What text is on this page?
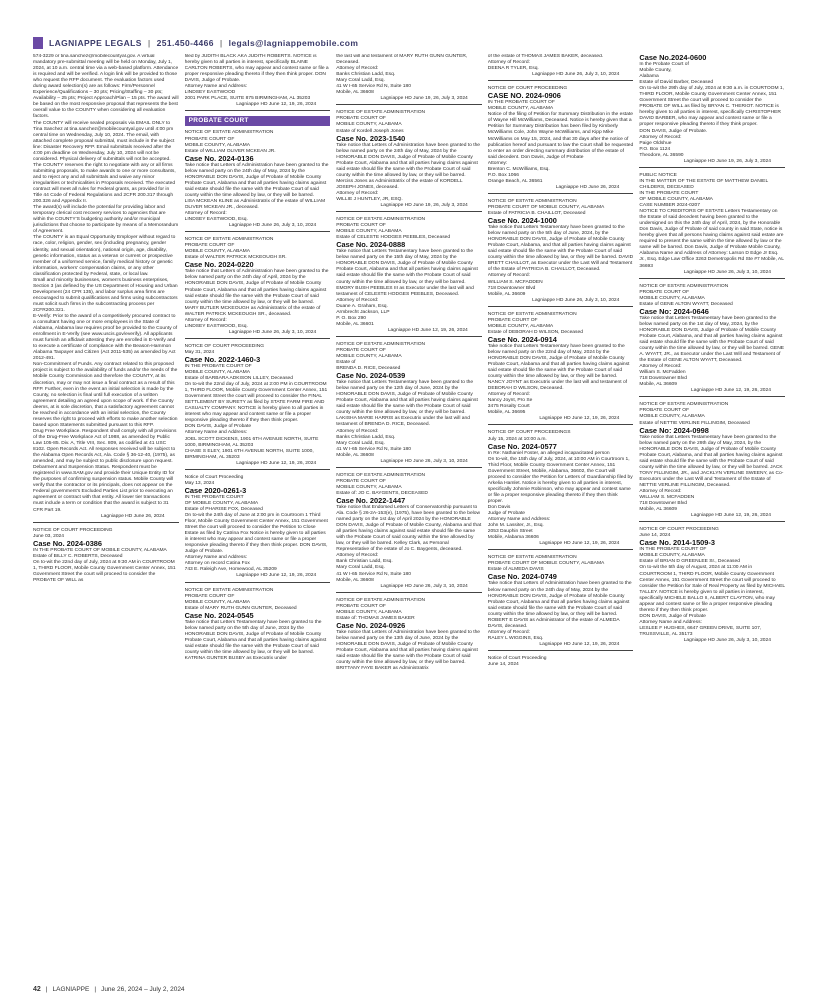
LAGNIAPPE LEGALS | 251.450-4466 | legals@lagniappemobile.com

574-3229 or tina.sanchez@mobilecountyal.gov. A virtual mandatory pre-submittal meeting will be held on Monday, July 1, 2024, at 10 a.m. central time via a web-based platform. Attendance is required and will be verified. A login link will be provided to those who request the RFP document. The evaluation factors used during award selection(s) are as follows: Firm/Personnel Experience/Qualifications – 30 pts; Pricing/Staffing – 30 pts; Availability – 25 pts; Project Approach/Plan – 15 pts. The award will be based on the most responsive proposal that represents the best overall value to the COUNTY when considering all evaluation factors.

The COUNTY will receive sealed proposals via EMAIL ONLY to Tina Sanchez at tina.sanchez@mobilecountyal.gov until 4:00 pm central time on Wednesday, July 10, 2024. The email, with attached complete proposal submittal, must include in the subject line: Disaster Recovery RFP. Email submittals received after the 4:00 pm deadline on Wednesday, July 10, 2024 will not be considered. Physical delivery of submittals will not be accepted.

The COUNTY reserves the right to negotiate with any or all firms submitting proposals, to make awards to one or more consultants, and to reject any and all submittals and waive any minor irregularities or technicalities in Proposals received. The executed contract will meet all rules for Federal grants, as provided for in Title 44 Code of Federal Regulations and 2CFR 200.317 through 200.326 and Appendix II.

The award(s) will include the potential for providing labor and temporary clerical cost recovery services to agencies that are within the COUNTY'S budgeting authority and/or municipal jurisdictions that choose to participate by means of a Memorandum of Agreement.

The COUNTY is an Equal Opportunity Employer without regard to race, color, religion, gender, sex (including pregnancy, gender identity, and sexual orientation), national origin, age, disability, genetic information, status as a veteran or current or prospective member of a uniformed service, family medical history or genetic information, workers' compensation claims, or any other classification protected by Federal, state, or local law.

Small and minority businesses, women's business enterprises, Section 3 (as defined by the US Department of Housing and Urban Development (24 CFR 135), and labor surplus area firms are encouraged to submit qualifications and firms using subcontractors must solicit such firms in the subcontracting process per 2CFR200.321.

E-Verify: Prior to the award of a competitively procured contract to a consultant having one or more employees in the State of Alabama, Alabama law requires proof be provided to the County of enrollment in E-Verify (see www.uscis.gov/everify). All applicants must furnish an affidavit attesting they are enrolled in E-Verify and to execute a certificate of compliance with the Beason-Hammon Alabama Taxpayer and Citizen (Act 2011-535) as amended by Act 2012-491.

Non-Commitment of Funds. Any contract related to this proposed project is subject to the availability of funds and/or the needs of the Mobile County Commission and therefore the COUNTY, at its discretion, may or may not issue a final contract as a result of this RFP. Further, even in the event an initial selection is made by the County, no selection is final until full execution of a written agreement detailing an agreed upon scope of work. If the County deems, at is sole discretion, that a satisfactory agreement cannot be reached in accordance with an initial selection, the County reserves the right to proceed with efforts to make another selection based upon Statements submitted pursuant to this RFP.

Drug Free Workplace. Respondent shall comply with all provisions of the Drug-Free Workplace Act of 1988, as amended by Public Law 105-85. Div. A, Title VIII, Sec. 809, as codified at 41 USC 8102. Open Records Act. All responses received will be subject to the Alabama Open Records Act, Ala. Code § 36-12-40, (1975), as amended, and may be subject to public disclosure upon request.

Debarment and Suspension Status. Respondent must be registered in www.SAM.gov and provide their Unique Entity ID for the purposes of confirming suspension status. Mobile County will verify that the contractor or its principals, does not appear on the Federal government's Excluded Parties List prior to executing an agreement or contract with that entity. All lower tier transactions must include a term or condition that the award is subject to 31 CFR Part 19.

Lagniappe HD June 26, 2024

NOTICE OF COURT PROCEEDING

June 03, 2024

Case No. 2024-0386

IN THE PROBATE COURT OF MOBILE COUNTY, ALABAMA

Estate of BILLY C. ROBERTS, Deceased

On to-wit the 22nd day of July, 2024 at 9:30 AM in COURTROOM 1, THIRD FLOOR, Mobile County Government Center Annex, 151 Government Street the court will proceed to consider the PROBATE OF WILL as

filed by JUDITH BLACK AKA JUDITH ROBERTS. NOTICE is hereby given to all parties in interest, specifically BLAINE CARLTON ROBERTS, who may appear and contest same or file a proper responsive pleading thereto if they then think proper. DON DAVIS, Judge of Probate.

Attorney Name and Address:

LINDSEY EASTWOOD

2001 PARK PLACE, SUITE 875 BIRMINGHAM, AL 35203

Lagniappe HD June 12, 19, 26, 2024

PROBATE COURT

NOTICE OF ESTATE ADMINISTRATION

PROBATE COURT OF

MOBILE COUNTY, ALABAMA

Estate of WILLIAM OLIVER MCKEAN JR.

Case No. 2024-0136

Take notice that Letters of Administration have been granted to the below named party on the 24th day of May, 2024 by the HONORABLE DON DAVIS, Judge of Probate of Mobile County Probate Court, Alabama and that all parties having claims against said estate should file the same with the Probate Court of said county within the time allowed by law, or they will be barred.

LISA MCKEAN KLINE as Administratrix of the estate of WILLIAM OLIVER MCKEAN JR., deceased.

Attorney of Record:

LINDSEY EASTWOOD, Esq.

Lagniappe HD June 26, July 3, 10, 2024

NOTICE OF ESTATE ADMINISTRATION

PROBATE COURT OF

MOBILE COUNTY, ALABAMA

Estate of WALTER PATRICK MCKEOUGH SR.

Case No. 2024-0220

Take notice that Letters of Administration have been granted to the below named party on the 24th day of April, 2024 by the HONORABLE DON DAVIS, Judge of Probate of Mobile County Probate Court, Alabama and that all parties having claims against said estate should file the same with the Probate Court of said county within the time allowed by law, or they will be barred.

MARY BUTLER MCKEOUGH as Administratrix of the estate of WALTER PATRICK MCKEOUGH SR., deceased.

Attorney of Record:

LINDSEY EASTWOOD, Esq.

Lagniappe HD June 26, July 3, 10, 2024

NOTICE OF COURT PROCEEDING

May 31, 2024

Case No. 2022-1460-3

IN THE PROBATE COURT OF

MOBILE COUNTY, ALABAMA

Estate of BARBARA ADKISON LILLEY, Deceased

On to-wit the 22nd day of July, 2024 at 2:00 PM in COURTROOM 1, THIRD FLOOR, Mobile County Government Center Annex, 151 Government Street the court will proceed to consider the FINAL SETTLEMENT BY SURETY as filed by STATE FARM FIRE AND CASUALTY COMPANY. NOTICE is hereby given to all parties in interest who may appear and contest same or file a proper responsive pleading thereto if they then think proper.

DON DAVIS, Judge of Probate

Attorney Name and Address:

JOEL SCOTT DICKENS, 1901 6TH AVENUE NORTH, SUITE 1000, BIRMINGHAM, AL 35203

CHASE S ELEY, 1901 6TH AVENUE NORTH, SUITE 1000, BIRMINGHAM, AL 35203

Lagniappe HD June 12, 19, 26, 2024

Notice of Court Proceeding

May 13, 2024

Case 2020-0261-3

IN THE PROBATE COURT

OF MOBILE COUNTY, ALABAMA

Estate of PHARISE FOX, Deceased

On to-wit the 24th day of June at 2:00 pm in Courtroom 1 Third Floor, Mobile County Government Center Annex, 151 Government Street the court will proceed to consider the Petition to Close Estate as filed by Catrina Fox Notice is hereby given to all parties in interest who may appear and contest same or file a proper responsive pleading thereto if they then think proper. DON DAVIS, Judge of Probate.

Attorney Name and Address:

Attorney on record Catina Fox

743 E. Raleigh Ave, Homewood, AL 35209

Lagniappe HD June 12, 19, 26, 2024

NOTICE OF ESTATE ADMINISTRATION

PROBATE COURT OF

MOBILE COUNTY, ALABAMA

Estate of MARY RUTH GUNN GUNTER, Deceased

Case No. 2024-0545

Take notice that Letters Testamentary have been granted to the below named party on the 5th day of June, 2024 by the HONORABLE DON DAVIS, Judge of Probate of Mobile County Probate Court, Alabama and that all parties having claims against said estate should file the same with the Probate Court of said county within the time allowed by law, or they will be barred. KATRINA GUNTER BUSBY as Executrix under

the last will and testament of MARY RUTH GUNN GUNTER, Deceased.

Attorney of Record:

Banks Christian Ladd, Esq.

Mary Coral Ladd, Esq.

41 W I-65 Service Rd N, Suite 180

Mobile, AL 36608

Lagniappe HD June 19, 26, July 3, 2024

NOTICE OF ESTATE ADMINISTRATION

PROBATE COURT OF

MOBILE COUNTY, ALABAMA

Estate of Kordell Joseph Jones

Case No. 2023-1540

Take notice that Letters of Administration have been granted to the below named party on the 24th day of May, 2024 by the HONORABLE DON DAVIS, Judge of Probate of Mobile County Probate Court, Alabama and that all parties having claims against said estate should file the same with the Probate Court of said county within the time allowed by law, or they will be barred. Merciss Jones as Administratrix of the estate of KORDELL JOSEPH JONES, deceased.

Attorney of Record:

WILLIE J HUNTLEY, JR, ESQ.

Lagniappe HD June 19, 26, July 3, 2024

NOTICE OF ESTATE ADMINISTRATION

PROBATE COURT OF

MOBILE COUNTY, ALABAMA

Estate of CELESTE HODGES PEEBLES, Deceased

Case No. 2024-0888

Take notice that Letters Testamentary have been granted to the below named party on the 15th day of May, 2024 by the HONORABLE DON DAVIS, Judge of Probate of Mobile County Probate Court, Alabama and that all parties having claims against said estate should file the same with the Probate Court of said county within the time allowed by law, or they will be barred. EMORY BUSH PEEBLES III as Executor under the last will and testament of CELESTE HODGES PEEBLES, Deceased.

Attorney of Record:

Duane A. Graham, Esq.

Armbrecht Jackson, LLP

P. O. Box 290

Mobile, AL 36601

Lagniappe HD June 12, 19, 26, 2024

NOTICE OF ESTATE ADMINISTRATION

PROBATE COURT OF

MOBILE COUNTY, ALABAMA

Estate of

BRENDA D. RICE, Deceased

Case No. 2024-0539

Take notice that Letters Testamentary have been granted to the below named party on the 12th day of June, 2024 by the HONORABLE DON DAVIS, Judge of Probate of Mobile County Probate Court, Alabama and that all parties having claims against said estate should file the same with the Probate Court of said county within the time allowed by law, or they will be barred. LAKISHA MARIE HARRIS as Executrix under the last will and testament of BRENDA D. RICE, Deceased.

Attorney of Record:

Banks Christian Ladd, Esq.

Mary Coral Ladd, Esq.

41 W I-65 Service Rd N, Suite 180

Mobile, AL 36608

Lagniappe HD June 26, July 3, 10, 2024

NOTICE OF ESTATE ADMINISTRATION

PROBATE COURT OF

MOBILE COUNTY, ALABAMA

Estate of: JO C. BAYGENTS, DECEASED

Case No. 2022-1447

Take notice that Endorsed Letters of Conservatorship pursuant to Ala. Code § 26-2A-153(e), (1975), have been granted to the below named party on the 1st day of April 2024 by the HONORABLE DON DAVIS, Judge of Probate of Mobile County, Alabama and that all parties having claims against said estate should file the same with the Probate Court of said county within the time allowed by law, or they will be barred. Kelley Clark, as Personal Representative of the estate of Jo C. Baygents, deceased.

Attorney of Record:

Bank Christian Ladd, Esq.

Mary Coral Ladd, Esq.

41 W I-65 Service Rd N, Suite 180

Mobile, AL 36608

Lagniappe HD June 26, July 3, 10, 2024

NOTICE OF ESTATE ADMINISTRATION

PROBATE COURT OF

MOBILE COUNTY, ALABAMA

Estate of: THOMAS JAMES BAKER

Case No. 2024-0926

Take notice that Letters of Administration have been granted to the below named party on the 13th day of June, 2024 by the HONORABLE DON DAVIS, Judge of Probate of Mobile County Probate Court, Alabama and that all parties having claims against said estate should file the same with the Probate Court of said county within the time allowed by law, or they will be barred. BRITTANY FAYE BAKER as Administratrix

of the estate of THOMAS JAMES BAKER, deceased.

Attorney of Record:

DEENA R TYLER, Esq.

Lagniappe HD June 26, July 3, 10, 2024

NOTICE OF COURT PROCEEDING

CASE NO. 2024-0906

IN THE PROBATE COURT OF

MOBILE COUNTY, ALABAMA

Notice of the filing of Petition for Summary Distribution in the estate of Wayne Hill McWilliams, Deceased. Notice is hereby given that a Petition for Summary Distribution has been filed by Kimberly McWilliams Cole, John Wayne McWilliams, and Kipp Mike McWilliams on May 15, 2024, and that 30 days after the notice of publication hereof and pursuant to law the Court shall be requested to enter an order directing summary distribution of the estate of said decedent. Don Davis, Judge of Probate

Attorney:

Brenton C. McWilliams, Esq.

P.O. Box 1066

Orange Beach, AL 36561

Lagniappe HD June 26, 2024

NOTICE OF ESTATE ADMINISTRATION

PROBATE COURT OF MOBILE COUNTY, ALABAMA

Estate of PATRICIA B. CHAILLOT, Deceased

Case No. 2024-1000

Take notice that Letters Testamentary have been granted to the below named party on the 5th day of June, 2024, by the HONORABLE DON DAVIS, Judge of Probate of Mobile County Probate Court, Alabama, and that all parties having claims against said estate should file the same with the Probate Court of said county within the time allowed by law, or they will be barred. DAVID BRETT CHAILLOT, as Executor under the Last Will and Testament of the Estate of PATRICIA B. CHAILLOT, Deceased.

Attorney of Record:

WILLIAM S. MCFADDEN

718 Downtowner Blvd

Mobile, AL 36609

Lagniappe HD June 26, July 3, 10, 2024

NOTICE OF ESTATE ADMINISTRATION

PROBATE COURT OF

MOBILE COUNTY, ALABAMA

Estate of DEBORAH D WILSON, Deceased

Case No. 2024-0914

Take notice that Letters Testamentary have been granted to the below named party on the 22nd day of May, 2024 by the HONORABLE DON DAVIS, Judge of Probate of Mobile County Probate Court, Alabama and that all parties having claims against said estate should file the same with the Probate Court of said county within the time allowed by law, or they will be barred. NANCY JOYNT as Executrix under the last will and testament of DEBORAH D WILSON, Deceased.

Attorney of Record:

Nancy Joynt, Pro Se

3475 Rosalty Court

Mobile, AL 36695

Lagniappe HD June 12, 19, 26, 2024

NOTICE OF COURT PROCEEDINGS

July 15, 2024 at 10:00 a.m.

Case No. 2024-0577

In Re: Nathaniel Foster, an alleged incapacitated person

On to-wit, the 15th day of July, 2024, at 10:00 AM in Courtroom 1, Third Floor, Mobile County Government Center Annex, 151 Government Street, Mobile, Alabama, 36602, the Court will proceed to consider the Petition for Letters of Guardianship filed by Arkelia Hamlet. Notice is hereby given to all parties in interest, specifically Johnnie Robinson, who may appear and contest same or file a proper responsive pleading thereto if they then think proper.

Don Davis

Judge of Probate

Attorney Name and Address:

John M. Lassiter, Jr., Esq.

2053 Dauphin Street

Mobile, Alabama 36606

Lagniappe HD June 12, 19, 26, 2024

NOTICE OF ESTATE ADMINISTRATION

PROBATE COURT OF MOBILE COUNTY, ALABAMA

Estate of ALMEDA DAVIS

Case No. 2024-0749

Take notice that Letters of Administration have been granted to the below named party on the 24th day of May, 2024 by the HONORABLE DON DAVIS, Judge of Probate of Mobile County Probate Court, Alabama and that all parties having claims against said estate should file the same with the Probate Court of said county within the time allowed by law, or they will be barred. ROBERT E DAVIS as Administrator of the estate of ALMEDA DAVIS, deceased.

Attorney of Record:

RALEY L WIGGINS, Esq.

Lagniappe HD June 12, 19, 26, 2024

Notice of Court Proceeding

June 14, 2024

Case No.2024-0600

In the Probate Court of

Mobile County,

Alabama

Estate of David Barber, Deceased

On to-wit the 29th day of July, 2024 at 9:30 a.m. in COURTOOM 1, THIRD FLOOR, Mobile County Government Center Annex, 151 Government Street the court will proceed to consider the PROBATE OF WILL as filed by BRYAN C. THERIOT. NOTICE is hereby given to all parties in interest, specifically CHRISTOPHER DAVID BARBER, who may appear and contest same or file a proper responsive pleading thereto if they think proper.

DON DAVIS, Judge of Probate.

Attorney of Record:

Paige Oldshue

P.O. Box 1124

Theodore, AL 36590

Lagniappe HD June 19, 26, July 3, 2024

PUBLIC NOTICE

IN THE MATTER OF THE ESTATE OF MATTHEW DANIEL CHILDERS, DECEASED

IN THE PROBATE COURT

OF MOBILE COUNTY, ALABAMA

CASE NUMBER 2024-0207

NOTICE TO CREDITORS OF ESTATE Letters Testamentary on the Estate of said decedent having been granted to the undersigned on this the 24th day of April, 2024, by the Honorable Don Davis, Judge of Probate of said county in said State, notice is hereby given that all persons having claims against said estate are required to present the same within the time allowed by law or the same will be barred. Don Davis, Judge of Probate Mobile County, Alabama Name and Address of Attorney: Larson D Edge Jr Esq. Jr., Esq. Edge Law Office 3263 Demetropolis Rd Ste #7 Mobile, AL 36693

Lagniappe HD June 26, July 3, 10, 2024

NOTICE OF ESTATE ADMINISTRATION

PROBATE COURT OF

MOBILE COUNTY, ALABAMA

Estate of GENE ALTON WYATT, Deceased

Case No: 2024-0646

Take notice that Letters Testamentary have been granted to the below named party on the 1st day of May, 2024, by the HONORABLE DON DAVIS, Judge of Probate of Mobile County Probate Court, Alabama, and that all parties having claims against said estate should file the same with the Probate Court of said county within the time allowed by law, or they will be barred. GENE A. WYATT, JR., as Executor under the Last Will and Testament of the Estate of GENE ALTON WYATT, Deceased.

Attorney of Record:

William S. McFadden

718 Downtowner Blvd

Mobile, AL 36609

Lagniappe HD June 12, 19, 26, 2024

NOTICE OF ESTATE ADMINISTRATION

PROBATE COURT OF

MOBILE COUNTY, ALABAMA

Estate of NETTIE VERLINE FILLINGIM, Deceased

Case No: 2024-0998

Take notice that Letters Testamentary have been granted to the below named party on the 29th day of May, 2024, by the HONORABLE DON DAVIS, Judge of Probate of Mobile County Probate Court, Alabama, and that all parties having claims against said estate should file the same with the Probate Court of said county within the time allowed by law, or they will be barred. JACK TONY FILLINGIM, JR., and JACKLYN VERLINE SWEENY, as Co-Executors under the Last Will and Testament of the Estate of NETTIE VERLINE FILLINGIM, Deceased.

Attorney of Record:

WILLIAM S. MCFADDEN

718 Downtowner Blvd

Mobile, AL 36609

Lagniappe HD June 12, 19, 26, 2024

NOTICE OF COURT PROCEEDING

June 14, 2024

Case No. 2014-1509-3

IN THE PROBATE COURT OF

MOBILE COUNTY, ALABAMA

Estate of BRIAN D GREENLEE Sr., Deceased

On to-wit the 5th day of August, 2024 at 11:00 AM in COURTROOM 1, THIRD FLOOR, Mobile County Government Center Annex, 151 Government Street the court will proceed to consider the Petition for Sale of Real Property as filed by MICHAEL TALLEY. NOTICE is hereby given to all parties in interest, specifically MICHELE BALLO II, ALBERT CLAYTON, who may appear and contest same or file a proper responsive pleading thereto if they then think proper.

DON DAVIS, Judge of Probate

Attorney Name and Address:

LESLEE F HUGHES, 6647 GREEN DRIVE, SUITE 107, TRUSSVILLE, AL 35173

Lagniappe HD June 26, July 3, 10, 2024

42 | LAGNIAPPE | June 26, 2024 – July 2, 2024
